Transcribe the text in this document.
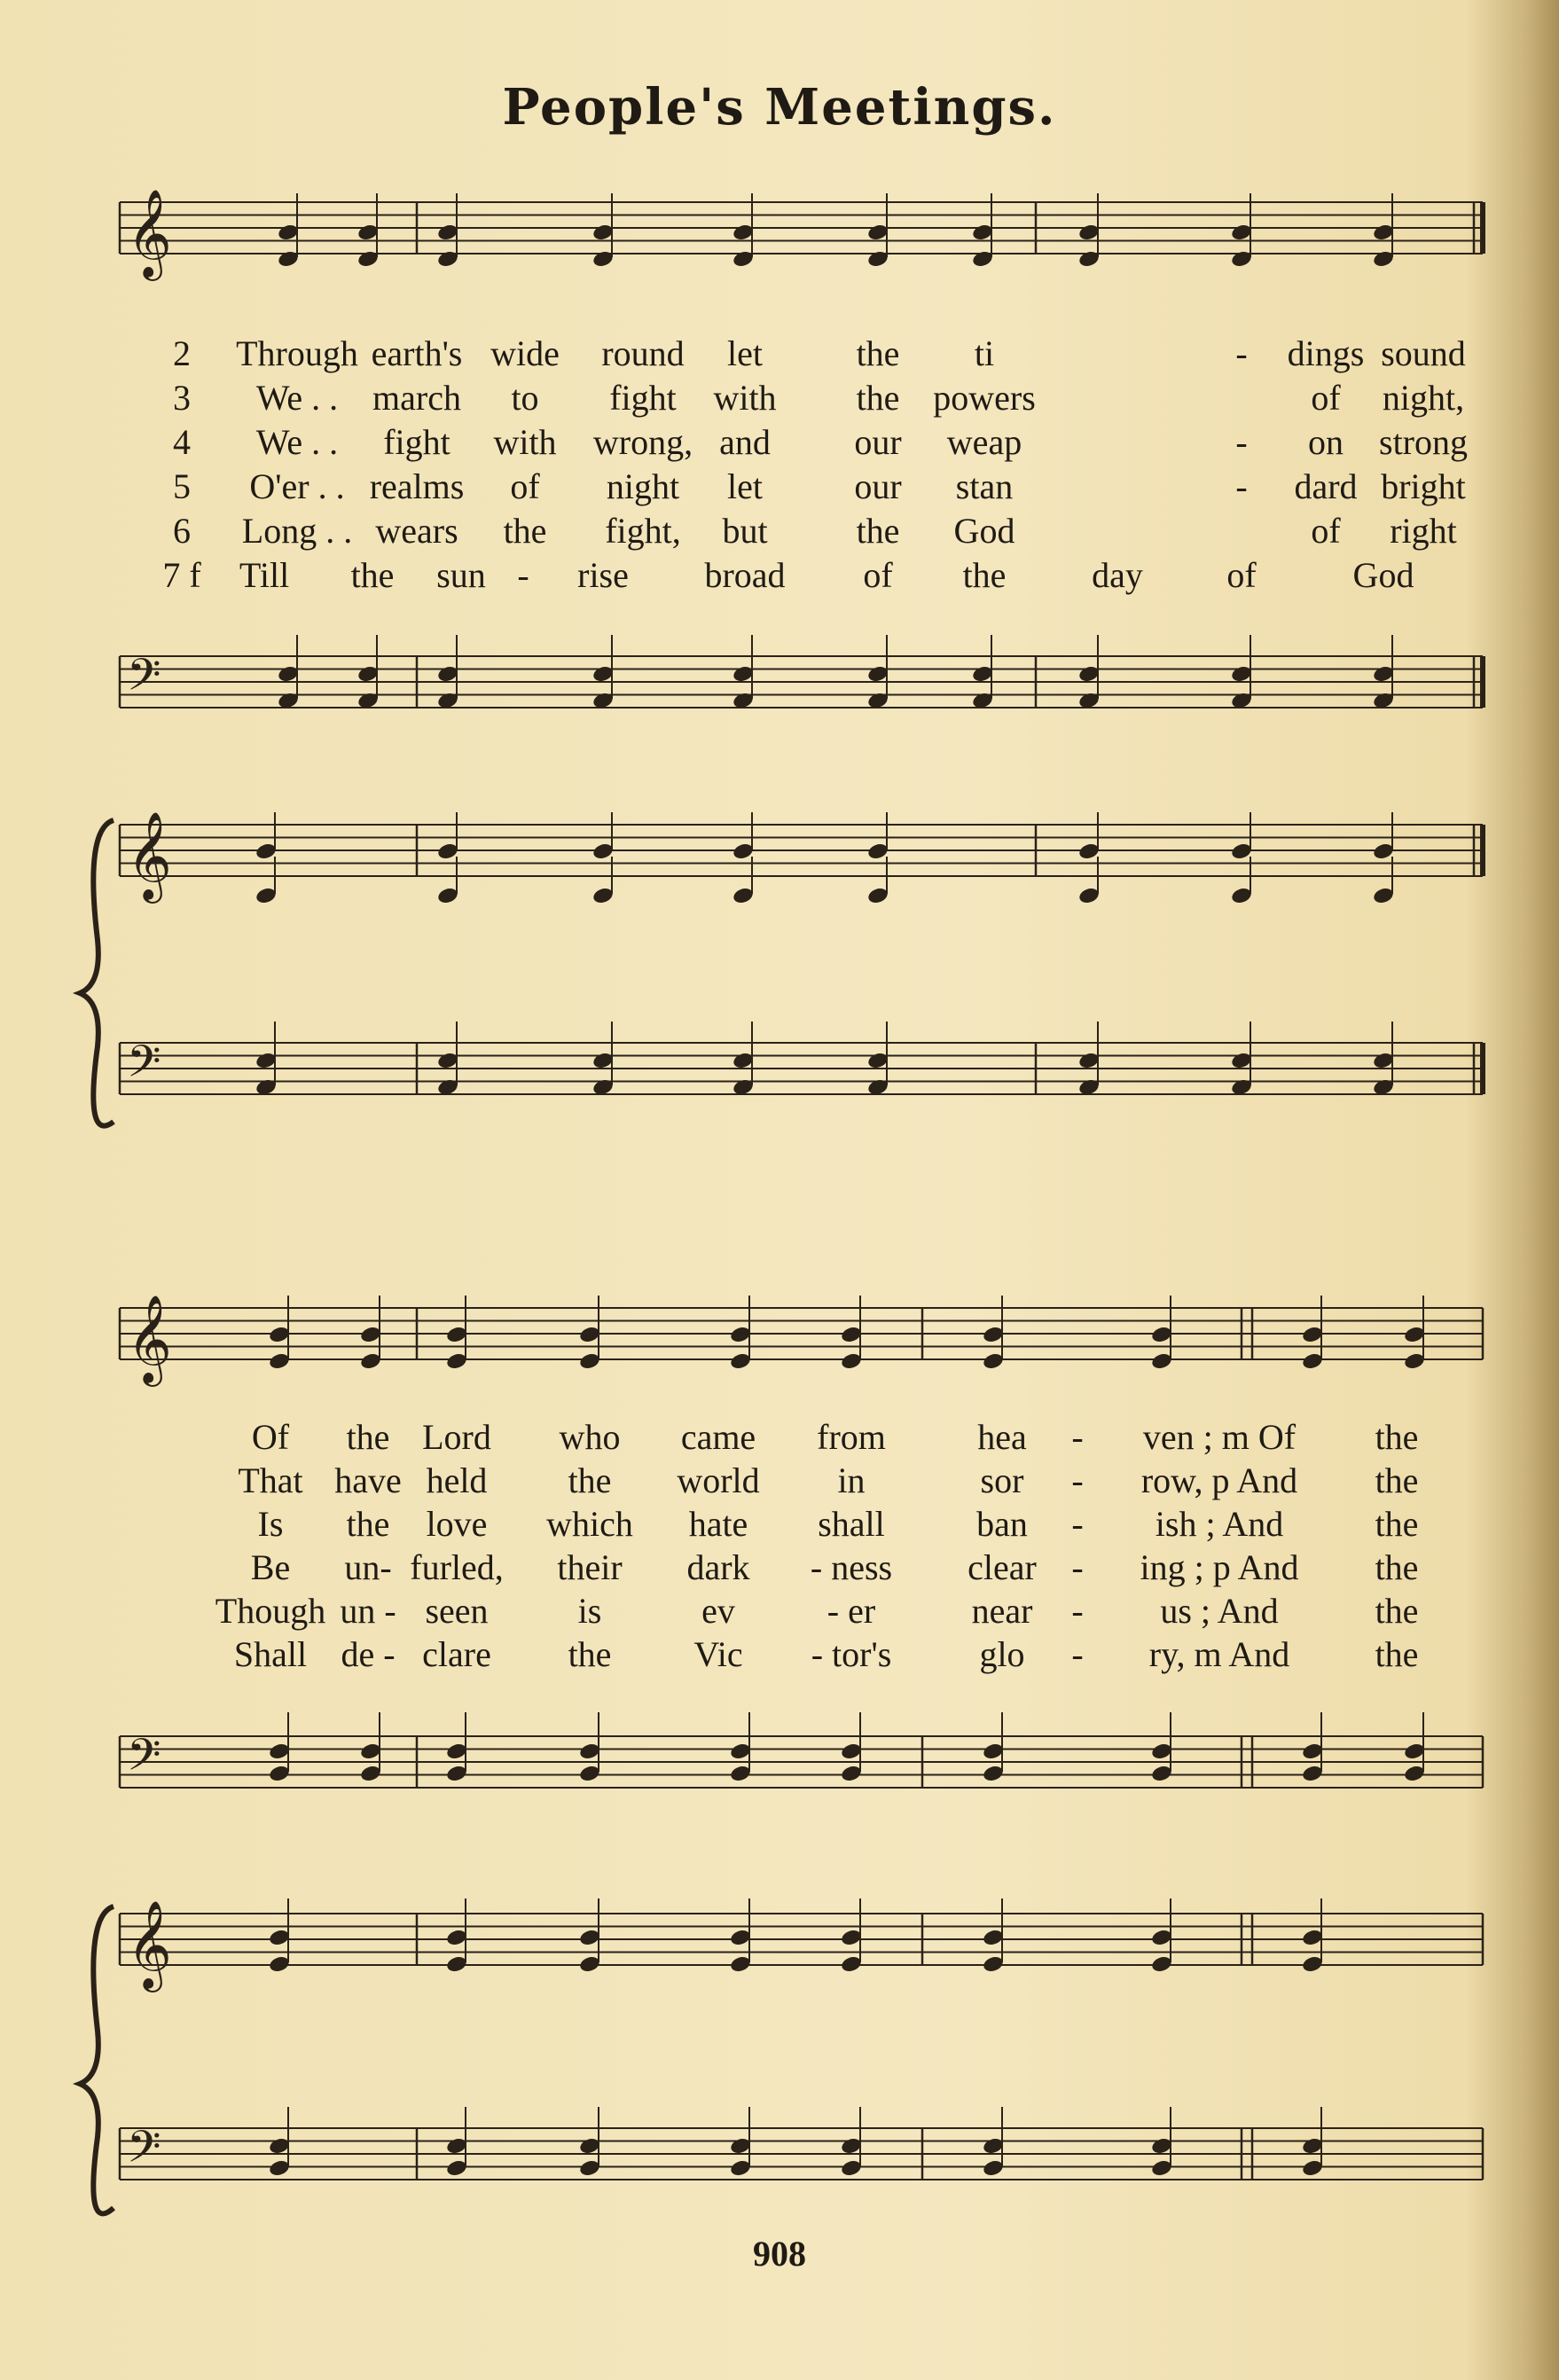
People's Meetings.
𝄞
𝄢
𝄞
𝄢
𝄞
𝄢
𝄞
𝄢
2 Through earth's wide round let	the ti	- dings sound
3 We . . march to fight with the powers	of night,
4 We . . fight with wrong, and our weap	- on strong
5 O'er . . realms of night let	our stan	- dard bright
6 Long . . wears the fight, but	the God	of right
7 f Till the sun - rise broad of the day of	God
Of the Lord who came from	hea - ven ; m Of the
That have held the world in	sor - row, p And the
Is the love which hate shall	ban - ish ; And	the
Be un- furled, their dark - ness clear - ing ; p And the
Though un - seen	is	ev	- er	near - us ; And	the
Shall de - clare the Vic - tor's glo - ry, m And the
908
